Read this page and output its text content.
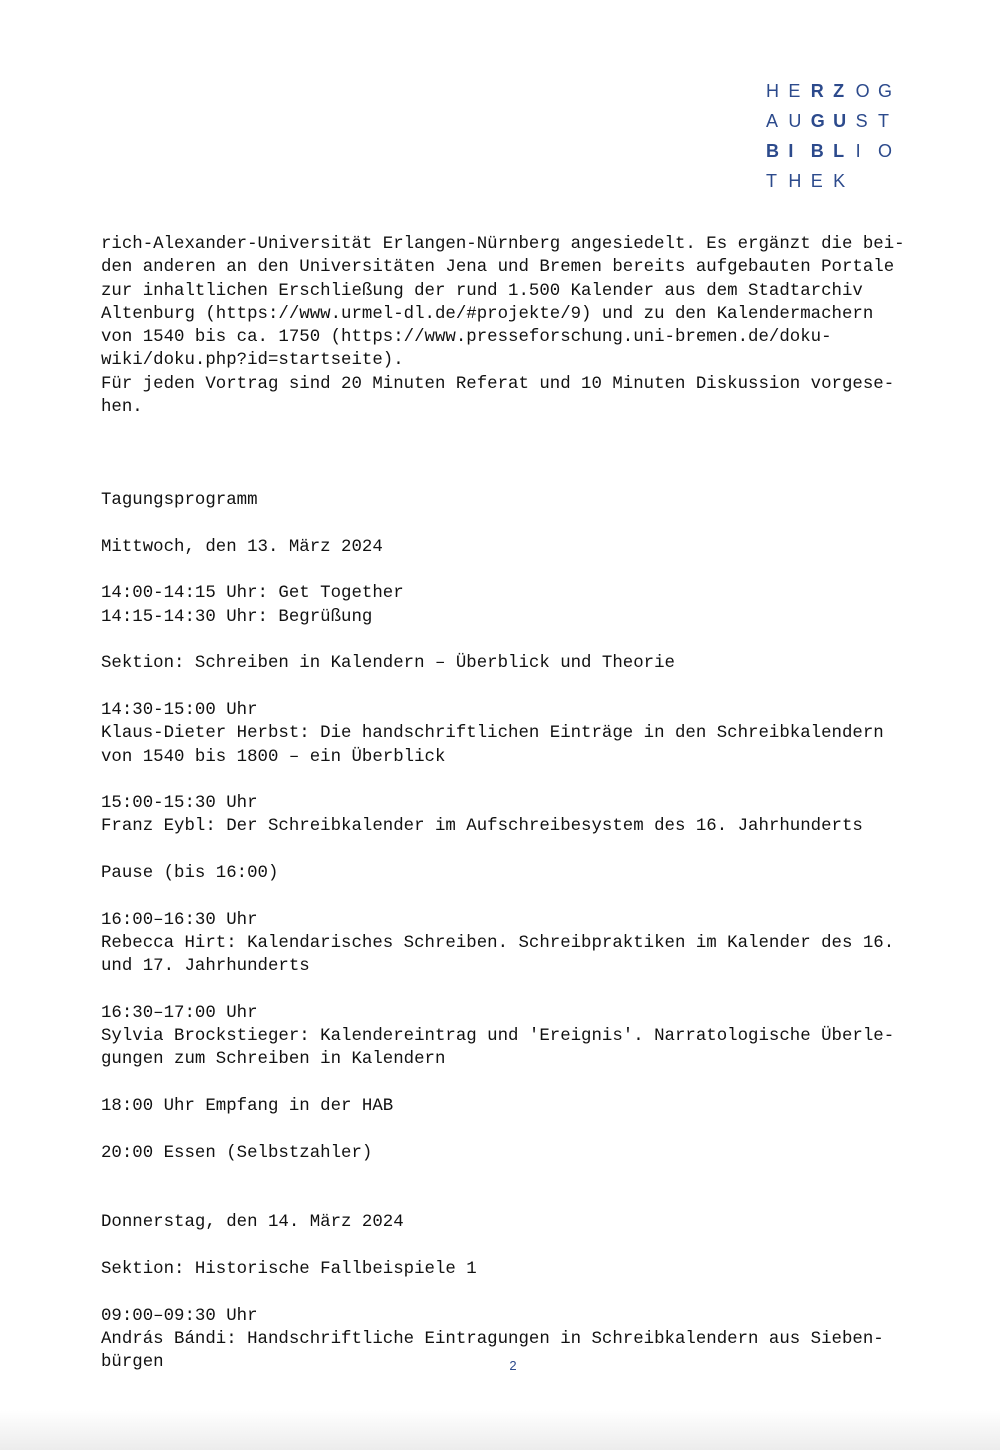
H E R Z O G
A U G U S T
B I B L I O
T H E K

rich-Alexander-Universität Erlangen-Nürnberg angesiedelt. Es ergänzt die bei-

den anderen an den Universitäten Jena und Bremen bereits aufgebauten Portale

zur inhaltlichen Erschließung der rund 1.500 Kalender aus dem Stadtarchiv

Altenburg (https://www.urmel-dl.de/#projekte/9) und zu den Kalendermachern

von 1540 bis ca. 1750 (https://www.presseforschung.uni-bremen.de/doku-

wiki/doku.php?id=startseite).

Für jeden Vortrag sind 20 Minuten Referat und 10 Minuten Diskussion vorgese-

hen.

Tagungsprogramm

Mittwoch, den 13. März 2024

14:00-14:15 Uhr: Get Together

14:15-14:30 Uhr: Begrüßung

Sektion: Schreiben in Kalendern – Überblick und Theorie

14:30-15:00 Uhr

Klaus-Dieter Herbst: Die handschriftlichen Einträge in den Schreibkalendern

von 1540 bis 1800 – ein Überblick

15:00-15:30 Uhr

Franz Eybl: Der Schreibkalender im Aufschreibesystem des 16. Jahrhunderts

Pause (bis 16:00)

16:00–16:30 Uhr

Rebecca Hirt: Kalendarisches Schreiben. Schreibpraktiken im Kalender des 16.

und 17. Jahrhunderts

16:30–17:00 Uhr

Sylvia Brockstieger: Kalendereintrag und 'Ereignis'. Narratologische Überle-

gungen zum Schreiben in Kalendern

18:00 Uhr Empfang in der HAB

20:00 Essen (Selbstzahler)

Donnerstag, den 14. März 2024

Sektion: Historische Fallbeispiele 1

09:00–09:30 Uhr

András Bándi: Handschriftliche Eintragungen in Schreibkalendern aus Sieben-

bürgen	2
